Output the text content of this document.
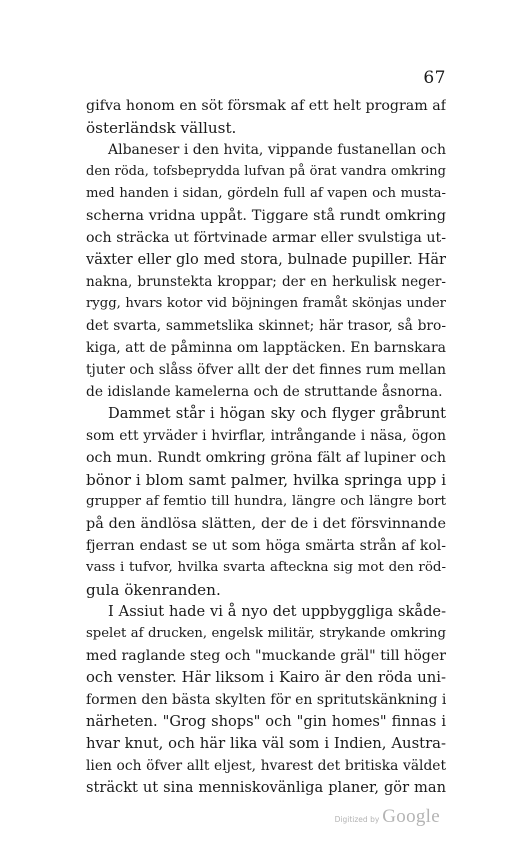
67
gifva honom en söt försmak af ett helt program af
österländsk vällust.
Albaneser i den hvita, vippande fustanellan och
den röda, tofsbeprydda lufvan på örat vandra omkring
med handen i sidan, gördeln full af vapen och musta-
scherna vridna uppåt. Tiggare stå rundt omkring
och sträcka ut förtvinade armar eller svulstiga ut-
växter eller glo med stora, bulnade pupiller. Här
nakna, brunstekta kroppar; der en herkulisk neger-
rygg, hvars kotor vid böjningen framåt skönjas under
det svarta, sammetslika skinnet; här trasor, så bro-
kiga, att de påminna om lapptäcken. En barnskara
tjuter och slåss öfver allt der det finnes rum mellan
de idislande kamelerna och de struttande åsnorna.
Dammet står i högan sky och flyger gråbrunt
som ett yrväder i hvirflar, intrångande i näsa, ögon
och mun. Rundt omkring gröna fält af lupiner och
bönor i blom samt palmer, hvilka springa upp i
grupper af femtio till hundra, längre och längre bort
på den ändlösa slätten, der de i det försvinnande
fjerran endast se ut som höga smärta strån af kol-
vass i tufvor, hvilka svarta afteckna sig mot den röd-
gula ökenranden.
I Assiut hade vi å nyo det uppbyggliga skåde-
spelet af drucken, engelsk militär, strykande omkring
med raglande steg och "muckande gräl" till höger
och venster. Här liksom i Kairo är den röda uni-
formen den bästa skylten för en spritutskänkning i
närheten. "Grog shops" och "gin homes" finnas i
hvar knut, och här lika väl som i Indien, Austra-
lien och öfver allt eljest, hvarest det britiska väldet
sträckt ut sina menniskovänliga planer, gör man
Digitized by Google
